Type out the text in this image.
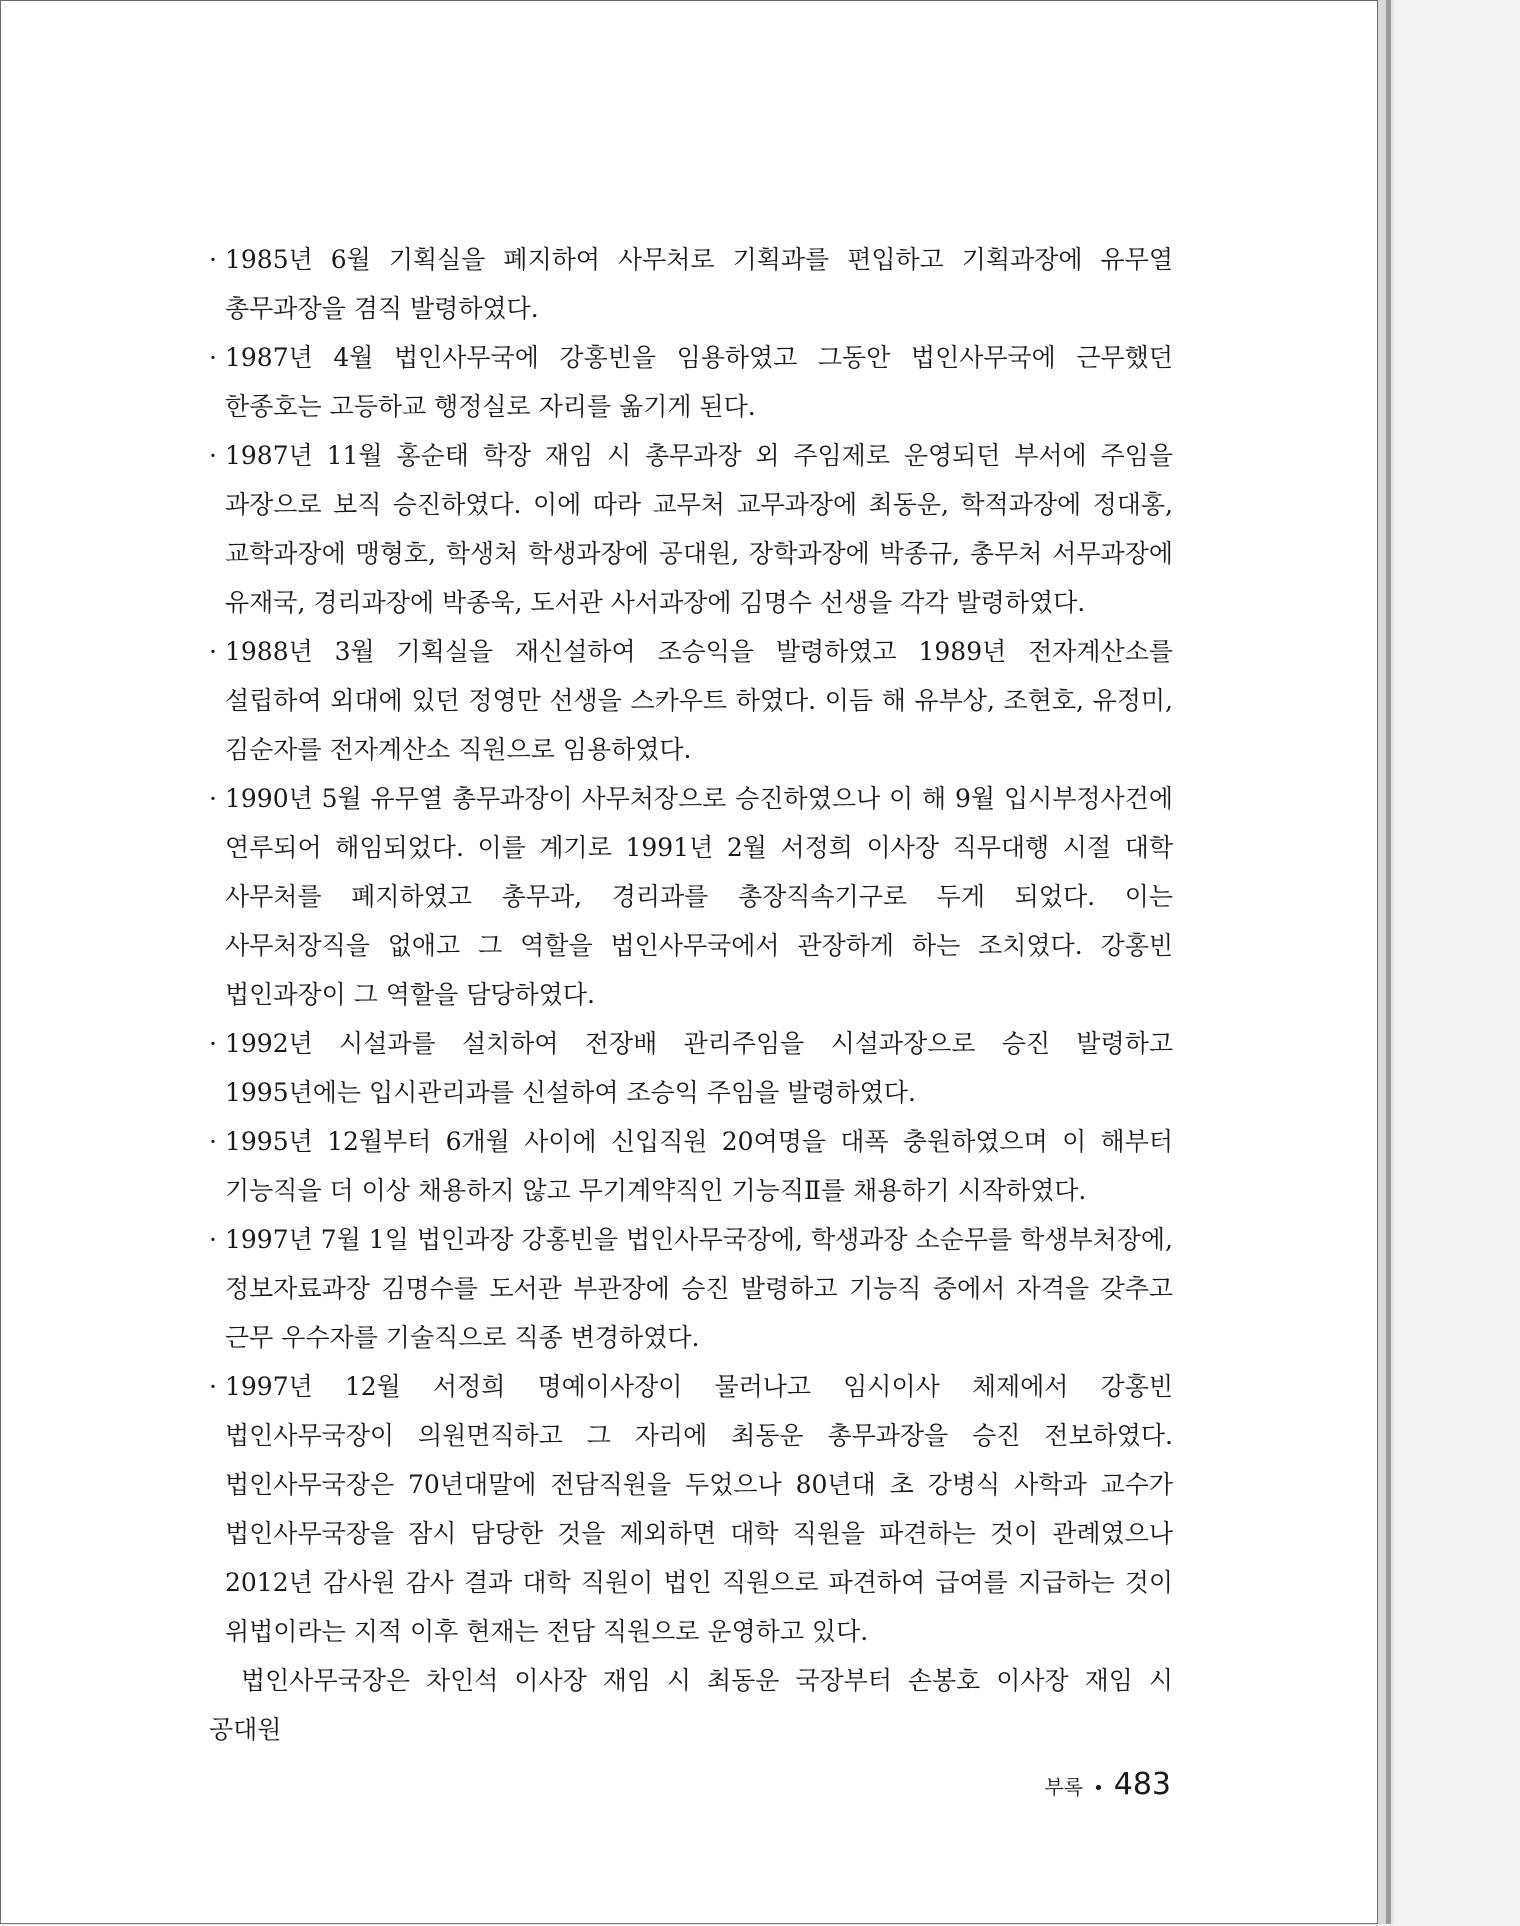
· 1985년 6월 기획실을 폐지하여 사무처로 기획과를 편입하고 기획과장에 유무열 총무과장을 겸직 발령하였다.
· 1987년 4월 법인사무국에 강홍빈을 임용하였고 그동안 법인사무국에 근무했던 한종호는 고등하교 행정실로 자리를 옮기게 된다.
· 1987년 11월 홍순태 학장 재임 시 총무과장 외 주임제로 운영되던 부서에 주임을 과장으로 보직 승진하였다. 이에 따라 교무처 교무과장에 최동운, 학적과장에 정대홍, 교학과장에 맹형호, 학생처 학생과장에 공대원, 장학과장에 박종규, 총무처 서무과장에 유재국, 경리과장에 박종욱, 도서관 사서과장에 김명수 선생을 각각 발령하였다.
· 1988년 3월 기획실을 재신설하여 조승익을 발령하였고 1989년 전자계산소를 설립하여 외대에 있던 정영만 선생을 스카우트 하였다. 이듬 해 유부상, 조현호, 유정미, 김순자를 전자계산소 직원으로 임용하였다.
· 1990년 5월 유무열 총무과장이 사무처장으로 승진하였으나 이 해 9월 입시부정사건에 연루되어 해임되었다. 이를 계기로 1991년 2월 서정희 이사장 직무대행 시절 대학 사무처를 폐지하였고 총무과, 경리과를 총장직속기구로 두게 되었다. 이는 사무처장직을 없애고 그 역할을 법인사무국에서 관장하게 하는 조치였다. 강홍빈 법인과장이 그 역할을 담당하였다.
· 1992년 시설과를 설치하여 전장배 관리주임을 시설과장으로 승진 발령하고 1995년에는 입시관리과를 신설하여 조승익 주임을 발령하였다.
· 1995년 12월부터 6개월 사이에 신입직원 20여명을 대폭 충원하였으며 이 해부터 기능직을 더 이상 채용하지 않고 무기계약직인 기능직Ⅱ를 채용하기 시작하였다.
· 1997년 7월 1일 법인과장 강홍빈을 법인사무국장에, 학생과장 소순무를 학생부처장에, 정보자료과장 김명수를 도서관 부관장에 승진 발령하고 기능직 중에서 자격을 갖추고 근무 우수자를 기술직으로 직종 변경하였다.
· 1997년 12월 서정희 명예이사장이 물러나고 임시이사 체제에서 강홍빈 법인사무국장이 의원면직하고 그 자리에 최동운 총무과장을 승진 전보하였다. 법인사무국장은 70년대말에 전담직원을 두었으나 80년대 초 강병식 사학과 교수가 법인사무국장을 잠시 담당한 것을 제외하면 대학 직원을 파견하는 것이 관례였으나 2012년 감사원 감사 결과 대학 직원이 법인 직원으로 파견하여 급여를 지급하는 것이 위법이라는 지적 이후 현재는 전담 직원으로 운영하고 있다.
법인사무국장은 차인석 이사장 재임 시 최동운 국장부터 손봉호 이사장 재임 시 공대원
부록 • 483
